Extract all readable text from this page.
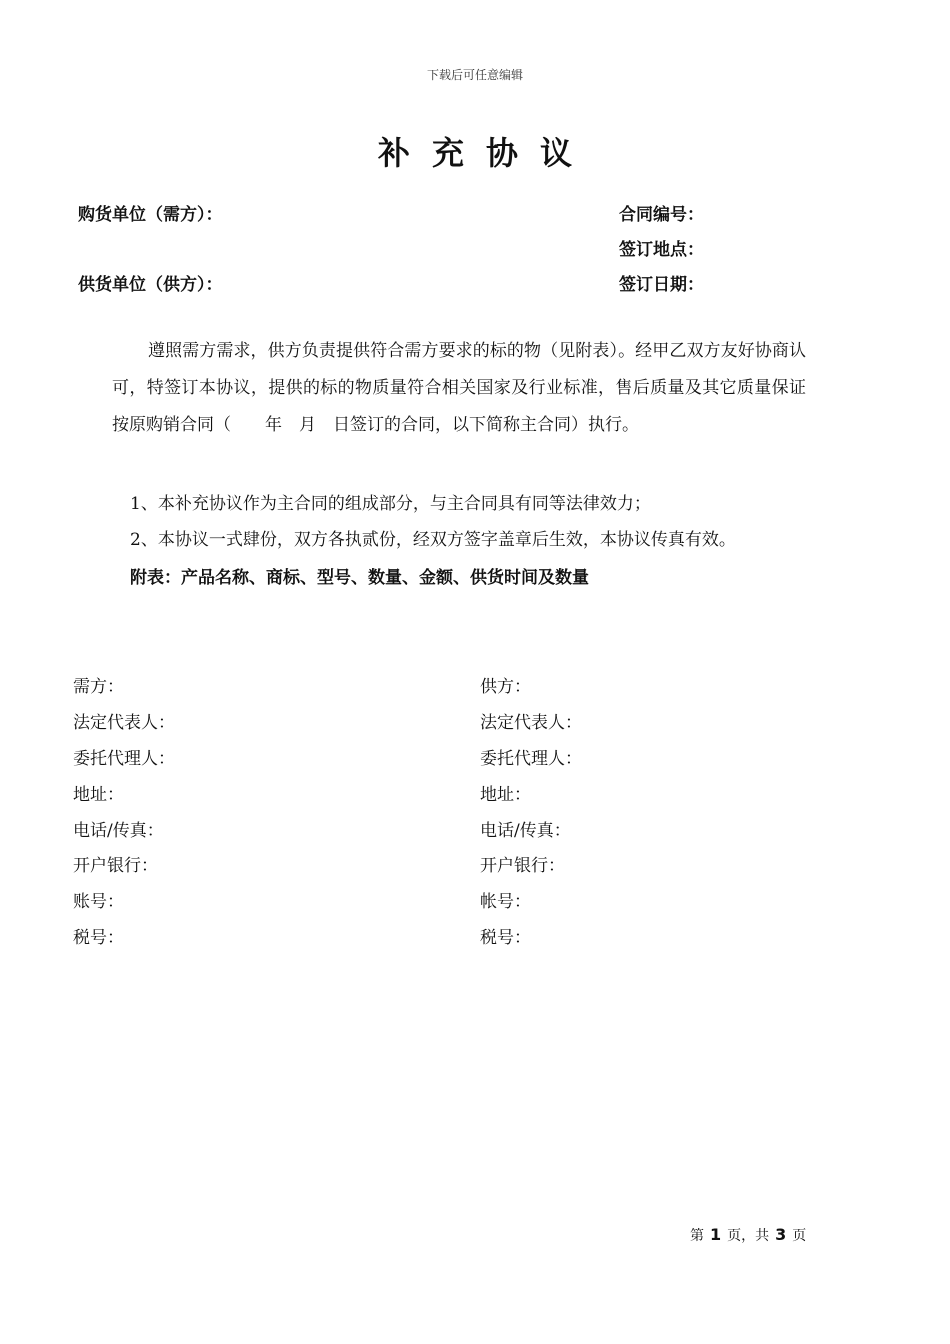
下载后可任意编辑
补充协议
购货单位（需方）：
供货单位（供方）：
合同编号：
签订地点：
签订日期：
遵照需方需求，供方负责提供符合需方要求的标的物（见附表）。经甲乙双方友好协商认可，特签订本协议，提供的标的物质量符合相关国家及行业标准，售后质量及其它质量保证按原购销合同（　　年　月　日签订的合同，以下简称主合同）执行。
1、本补充协议作为主合同的组成部分，与主合同具有同等法律效力；
2、本协议一式肆份，双方各执贰份，经双方签字盖章后生效，本协议传真有效。
附表：产品名称、商标、型号、数量、金额、供货时间及数量
需方：
法定代表人：
委托代理人：
地址：
电话/传真：
开户银行：
账号：
税号：
供方：
法定代表人：
委托代理人：
地址：
电话/传真：
开户银行：
帐号：
税号：
第 1 页，共 3 页
